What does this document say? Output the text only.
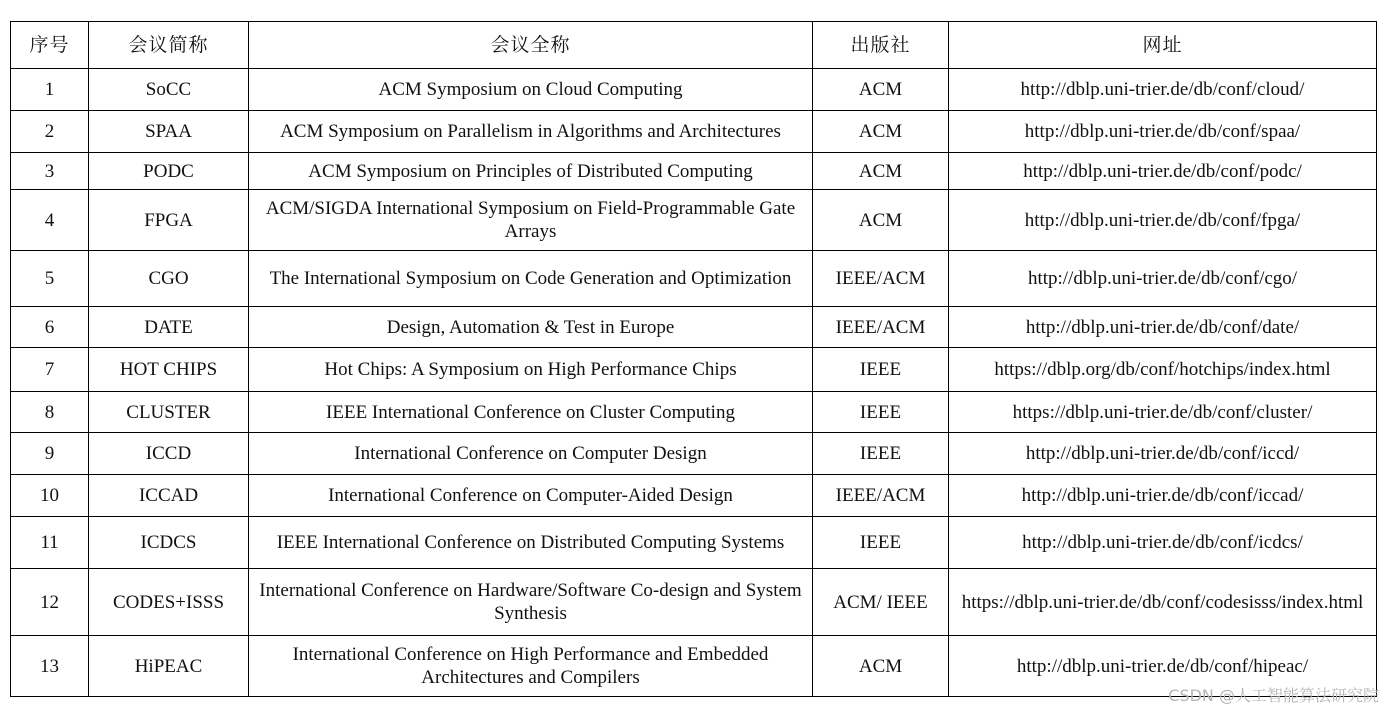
序号	会议简称	会议全称	出版社	网址
1	SoCC	ACM Symposium on Cloud Computing	ACM	http://dblp.uni-trier.de/db/conf/cloud/
2	SPAA	ACM Symposium on Parallelism in Algorithms and Architectures	ACM	http://dblp.uni-trier.de/db/conf/spaa/
3	PODC	ACM Symposium on Principles of Distributed Computing	ACM	http://dblp.uni-trier.de/db/conf/podc/
4	FPGA	ACM/SIGDA International Symposium on Field-Programmable Gate Arrays	ACM	http://dblp.uni-trier.de/db/conf/fpga/
5	CGO	The International Symposium on Code Generation and Optimization	IEEE/ACM	http://dblp.uni-trier.de/db/conf/cgo/
6	DATE	Design, Automation & Test in Europe	IEEE/ACM	http://dblp.uni-trier.de/db/conf/date/
7	HOT CHIPS	Hot Chips: A Symposium on High Performance Chips	IEEE	https://dblp.org/db/conf/hotchips/index.html
8	CLUSTER	IEEE International Conference on Cluster Computing	IEEE	https://dblp.uni-trier.de/db/conf/cluster/
9	ICCD	International Conference on Computer Design	IEEE	http://dblp.uni-trier.de/db/conf/iccd/
10	ICCAD	International Conference on Computer-Aided Design	IEEE/ACM	http://dblp.uni-trier.de/db/conf/iccad/
11	ICDCS	IEEE International Conference on Distributed Computing Systems	IEEE	http://dblp.uni-trier.de/db/conf/icdcs/
12	CODES+ISSS	International Conference on Hardware/Software Co-design and System Synthesis	ACM/ IEEE	https://dblp.uni-trier.de/db/conf/codesisss/index.html
13	HiPEAC	International Conference on High Performance and Embedded Architectures and Compilers	ACM	http://dblp.uni-trier.de/db/conf/hipeac/
CSDN @人工智能算法研究院
